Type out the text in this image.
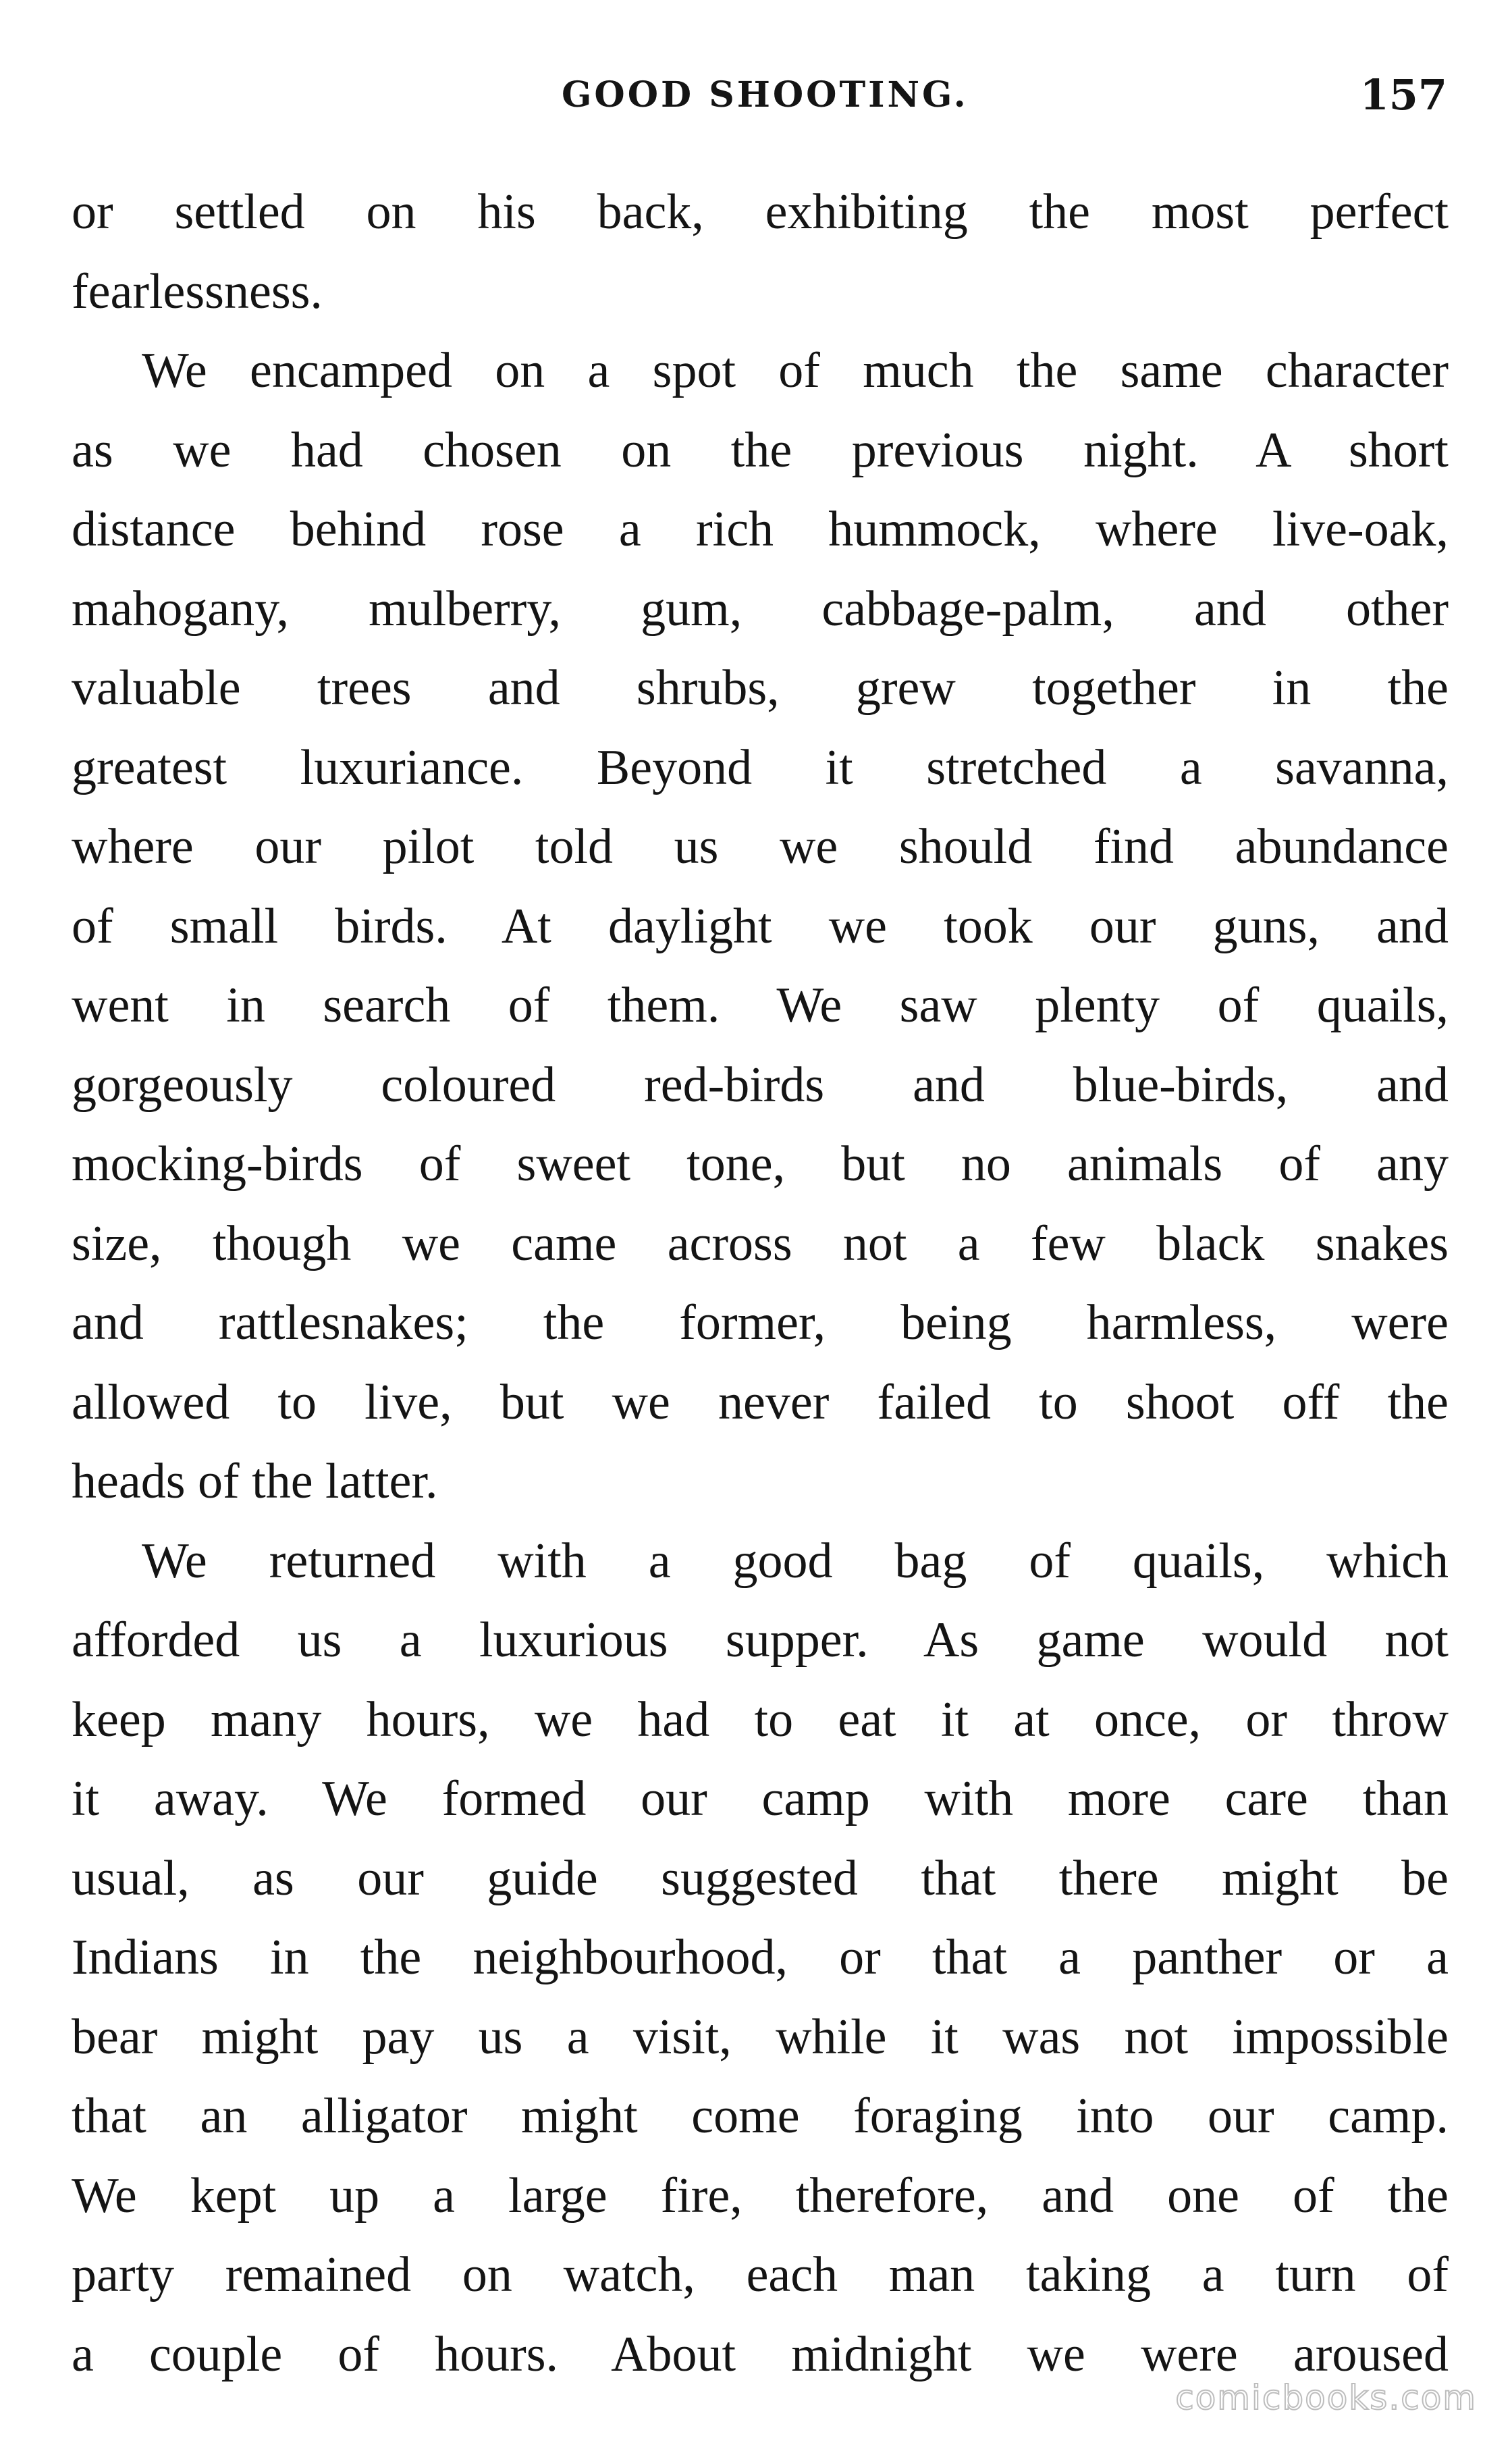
GOOD SHOOTING.	157
or settled on his back, exhibiting the most perfect
fearlessness.
We encamped on a spot of much the same character
as we had chosen on the previous night. A short
distance behind rose a rich hummock, where live-oak,
mahogany, mulberry, gum, cabbage-palm, and other
valuable trees and shrubs, grew together in the
greatest luxuriance. Beyond it stretched a savanna,
where our pilot told us we should find abundance
of small birds. At daylight we took our guns, and
went in search of them. We saw plenty of quails,
gorgeously coloured red-birds and blue-birds, and
mocking-birds of sweet tone, but no animals of any
size, though we came across not a few black snakes
and rattlesnakes; the former, being harmless, were
allowed to live, but we never failed to shoot off the
heads of the latter.
We returned with a good bag of quails, which
afforded us a luxurious supper. As game would not
keep many hours, we had to eat it at once, or throw
it away. We formed our camp with more care than
usual, as our guide suggested that there might be
Indians in the neighbourhood, or that a panther or a
bear might pay us a visit, while it was not impossible
that an alligator might come foraging into our camp.
We kept up a large fire, therefore, and one of the
party remained on watch, each man taking a turn of
a couple of hours. About midnight we were aroused
comicbooks.com
